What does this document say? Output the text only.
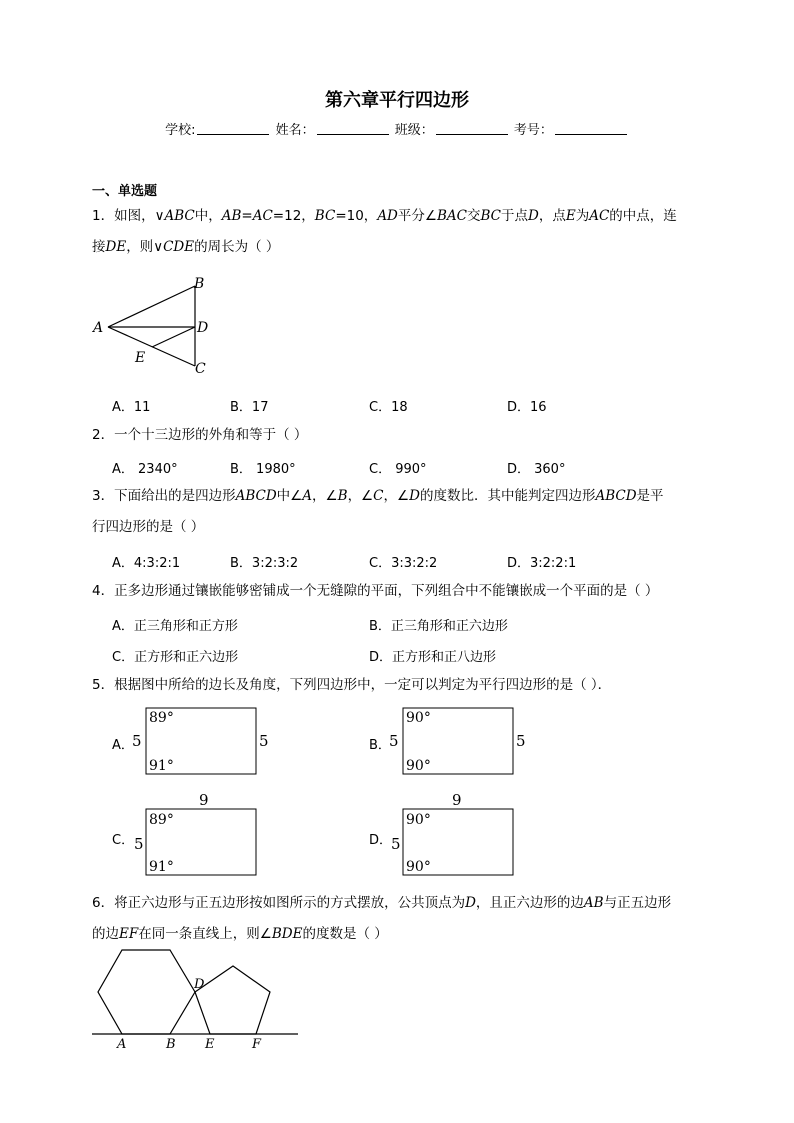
第六章平行四边形
学校:	姓名：	班级：	考号：
一、单选题
1．如图，∨ABC中，AB=AC=12，BC=10，AD平分∠BAC交BC于点D，点E为AC的中点，连
接DE，则∨CDE的周长为（ ）
B
A	D
E
C
A．11	B．17	C．18	D．16
2．一个十三边形的外角和等于（ ）
A． 2340°	B． 1980°	C． 990°	D． 360°
3．下面给出的是四边形ABCD中∠A，∠B，∠C，∠D的度数比．其中能判定四边形ABCD是平
行四边形的是（ ）
A．4:3:2:1	B．3:2:3:2	C．3:3:2:2	D．3:2:2:1
4．正多边形通过镶嵌能够密铺成一个无缝隙的平面，下列组合中不能镶嵌成一个平面的是（ ）
A．正三角形和正方形	B．正三角形和正六边形
C．正方形和正六边形	D．正方形和正八边形
5．根据图中所给的边长及角度，下列四边形中，一定可以判定为平行四边形的是（ ）．
A．
5	5
89°
91°
B．
5	5
90°
90°
C．
9
5
89°
91°
D．
9
5
90°
90°
6．将正六边形与正五边形按如图所示的方式摆放，公共顶点为D，且正六边形的边AB与正五边形
的边EF在同一条直线上，则∠BDE的度数是（ ）
A	B
D
E	F
